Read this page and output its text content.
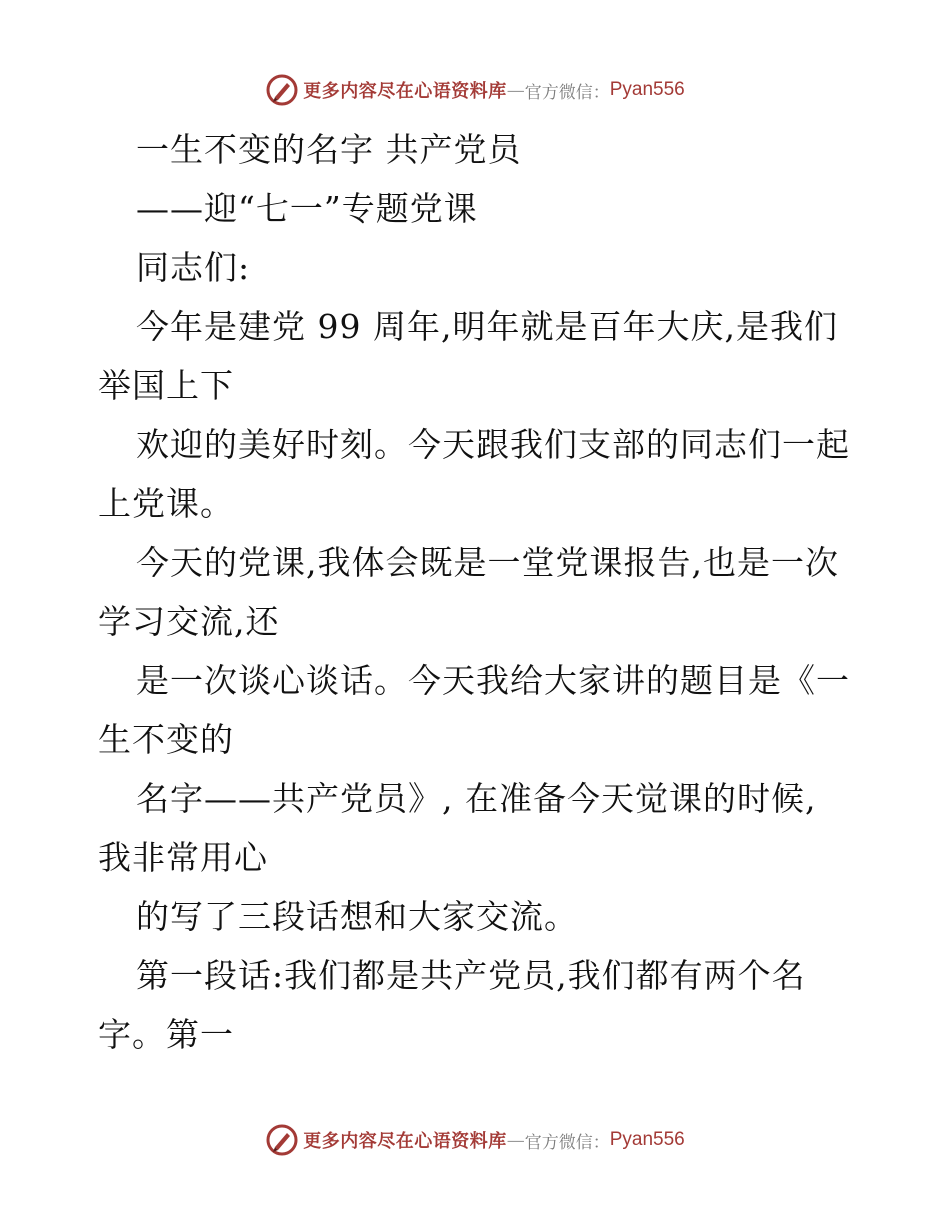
更多内容尽在心语资料库 — 官方微信： Pyan556
一生不变的名字 共产党员
——迎“七一”专题党课
同志们:
今年是建党 99 周年,明年就是百年大庆,是我们
举国上下
欢迎的美好时刻。今天跟我们支部的同志们一起
上党课。
今天的党课,我体会既是一堂党课报告,也是一次
学习交流,还
是一次谈心谈话。今天我给大家讲的题目是《一
生不变的
名字——共产党员》, 在准备今天觉课的时候,
我非常用心
的写了三段话想和大家交流。
第一段话:我们都是共产党员,我们都有两个名
字。第一
更多内容尽在心语资料库 — 官方微信： Pyan556
